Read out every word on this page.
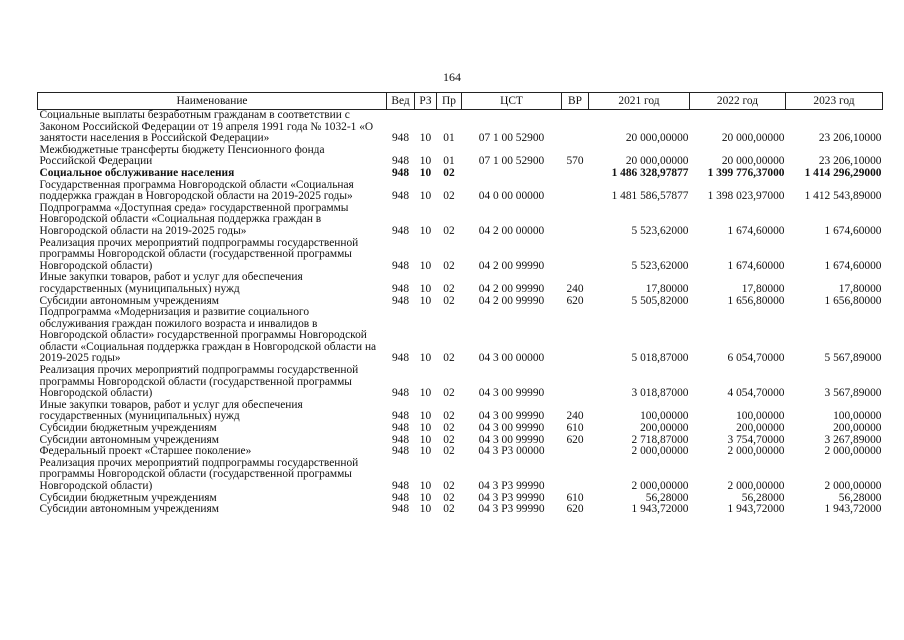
164
Наименование	Вед	РЗ	Пр	ЦСТ	ВР	2021 год	2022 год	2023 год
Социальные выплаты безработным гражданам в соответствии с Законом Российской Федерации от 19 апреля 1991 года № 1032-1 «О занятости населения в Российской Федерации»	948	10	01	07 1 00 52900		20 000,00000	20 000,00000	23 206,10000
Межбюджетные трансферты бюджету Пенсионного фонда Российской Федерации	948	10	01	07 1 00 52900	570	20 000,00000	20 000,00000	23 206,10000
Социальное обслуживание населения	948	10	02			1 486 328,97877	1 399 776,37000	1 414 296,29000
Государственная программа Новгородской области «Социальная поддержка граждан в Новгородской области на 2019-2025 годы»	948	10	02	04 0 00 00000		1 481 586,57877	1 398 023,97000	1 412 543,89000
Подпрограмма «Доступная среда» государственной программы Новгородской области «Социальная поддержка граждан в Новгородской области на 2019-2025 годы»	948	10	02	04 2 00 00000		5 523,62000	1 674,60000	1 674,60000
Реализация прочих мероприятий подпрограммы государственной программы Новгородской области (государственной программы Новгородской области)	948	10	02	04 2 00 99990		5 523,62000	1 674,60000	1 674,60000
Иные закупки товаров, работ и услуг для обеспечения государственных (муниципальных) нужд	948	10	02	04 2 00 99990	240	17,80000	17,80000	17,80000
Субсидии автономным учреждениям	948	10	02	04 2 00 99990	620	5 505,82000	1 656,80000	1 656,80000
Подпрограмма «Модернизация и развитие социального обслуживания граждан пожилого возраста и инвалидов в Новгородской области» государственной программы Новгородской области «Социальная поддержка граждан в Новгородской области на 2019-2025 годы»	948	10	02	04 3 00 00000		5 018,87000	6 054,70000	5 567,89000
Реализация прочих мероприятий подпрограммы государственной программы Новгородской области (государственной программы Новгородской области)	948	10	02	04 3 00 99990		3 018,87000	4 054,70000	3 567,89000
Иные закупки товаров, работ и услуг для обеспечения государственных (муниципальных) нужд	948	10	02	04 3 00 99990	240	100,00000	100,00000	100,00000
Субсидии бюджетным учреждениям	948	10	02	04 3 00 99990	610	200,00000	200,00000	200,00000
Субсидии автономным учреждениям	948	10	02	04 3 00 99990	620	2 718,87000	3 754,70000	3 267,89000
Федеральный проект «Старшее поколение»	948	10	02	04 3 P3 00000		2 000,00000	2 000,00000	2 000,00000
Реализация прочих мероприятий подпрограммы государственной программы Новгородской области (государственной программы Новгородской области)	948	10	02	04 3 P3 99990		2 000,00000	2 000,00000	2 000,00000
Субсидии бюджетным учреждениям	948	10	02	04 3 P3 99990	610	56,28000	56,28000	56,28000
Субсидии автономным учреждениям	948	10	02	04 3 P3 99990	620	1 943,72000	1 943,72000	1 943,72000
